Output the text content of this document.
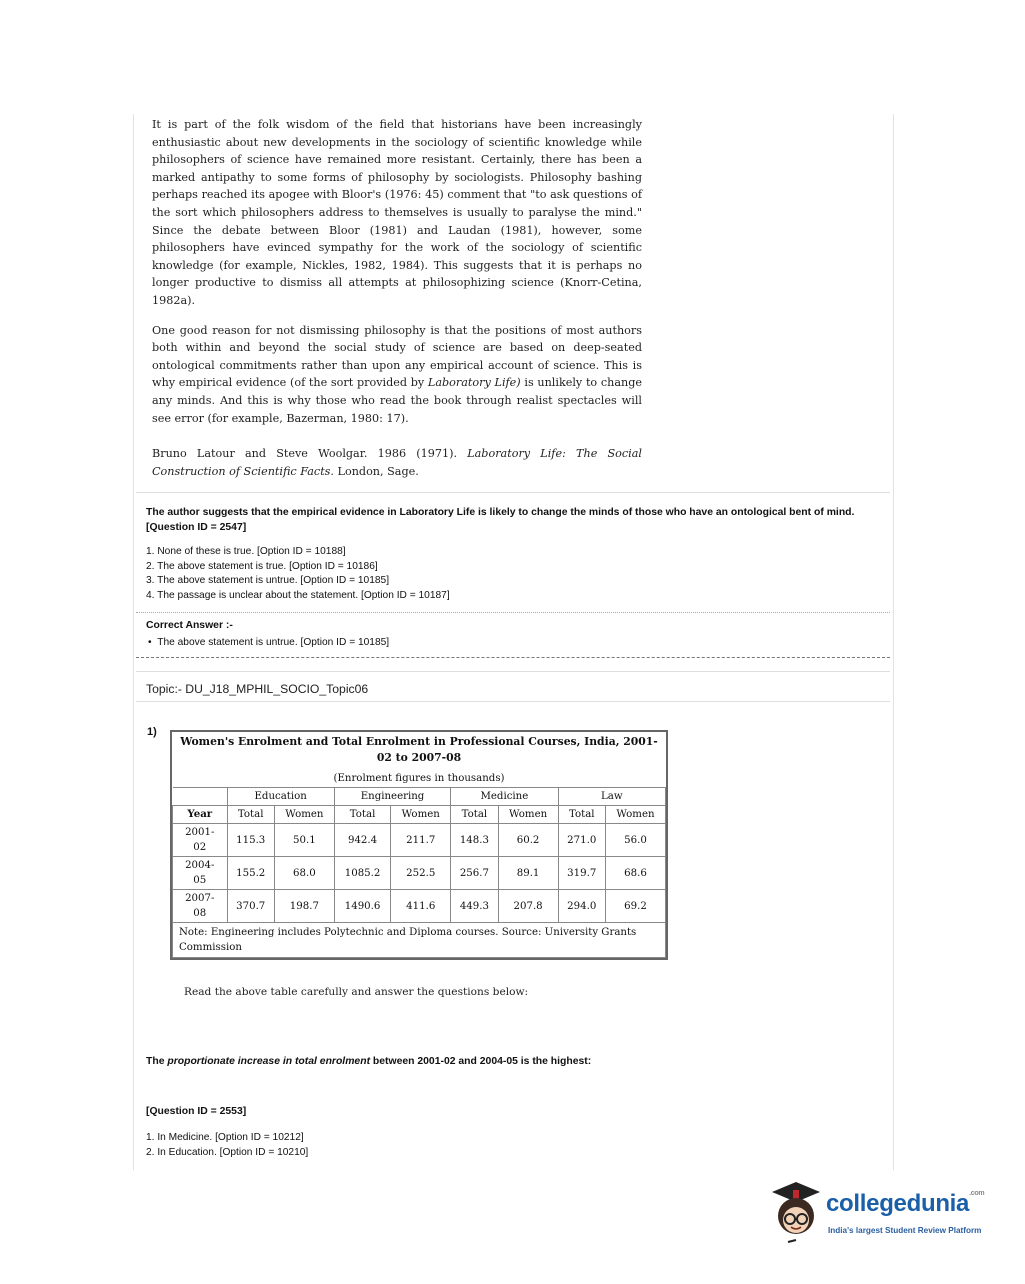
It is part of the folk wisdom of the field that historians have been increasingly enthusiastic about new developments in the sociology of scientific knowledge while philosophers of science have remained more resistant. Certainly, there has been a marked antipathy to some forms of philosophy by sociologists. Philosophy bashing perhaps reached its apogee with Bloor's (1976: 45) comment that "to ask questions of the sort which philosophers address to themselves is usually to paralyse the mind." Since the debate between Bloor (1981) and Laudan (1981), however, some philosophers have evinced sympathy for the work of the sociology of scientific knowledge (for example, Nickles, 1982, 1984). This suggests that it is perhaps no longer productive to dismiss all attempts at philosophizing science (Knorr-Cetina, 1982a).

One good reason for not dismissing philosophy is that the positions of most authors both within and beyond the social study of science are based on deep-seated ontological commitments rather than upon any empirical account of science. This is why empirical evidence (of the sort provided by Laboratory Life) is unlikely to change any minds. And this is why those who read the book through realist spectacles will see error (for example, Bazerman, 1980: 17).

Bruno Latour and Steve Woolgar. 1986 (1971). Laboratory Life: The Social Construction of Scientific Facts. London, Sage.

The author suggests that the empirical evidence in Laboratory Life is likely to change the minds of those who have an ontological bent of mind. [Question ID = 2547]

1. None of these is true. [Option ID = 10188]

2. The above statement is true. [Option ID = 10186]

3. The above statement is untrue. [Option ID = 10185]

4. The passage is unclear about the statement. [Option ID = 10187]

Correct Answer :-
•  The above statement is untrue. [Option ID = 10185]
Topic:- DU_J18_MPHIL_SOCIO_Topic06
1)
Women's Enrolment and Total Enrolment in Professional Courses, India, 2001-02 to 2007-08								
(Enrolment figures in thousands)								
	Education		Engineering		Medicine		Law	
Year	Total	Women	Total	Women	Total	Women	Total	Women
2001-
02	115.3	50.1	942.4	211.7	148.3	60.2	271.0	56.0
2004-
05	155.2	68.0	1085.2	252.5	256.7	89.1	319.7	68.6
2007-
08	370.7	198.7	1490.6	411.6	449.3	207.8	294.0	69.2
Note: Engineering includes Polytechnic and Diploma courses. Source: University Grants Commission								
Read the above table carefully and answer the questions below:
The proportionate increase in total enrolment between 2001-02 and 2004-05 is the highest:
[Question ID = 2553]

1. In Medicine. [Option ID = 10212]

2. In Education. [Option ID = 10210]

collegedunia$^{.com}$
India's largest Student Review Platform
